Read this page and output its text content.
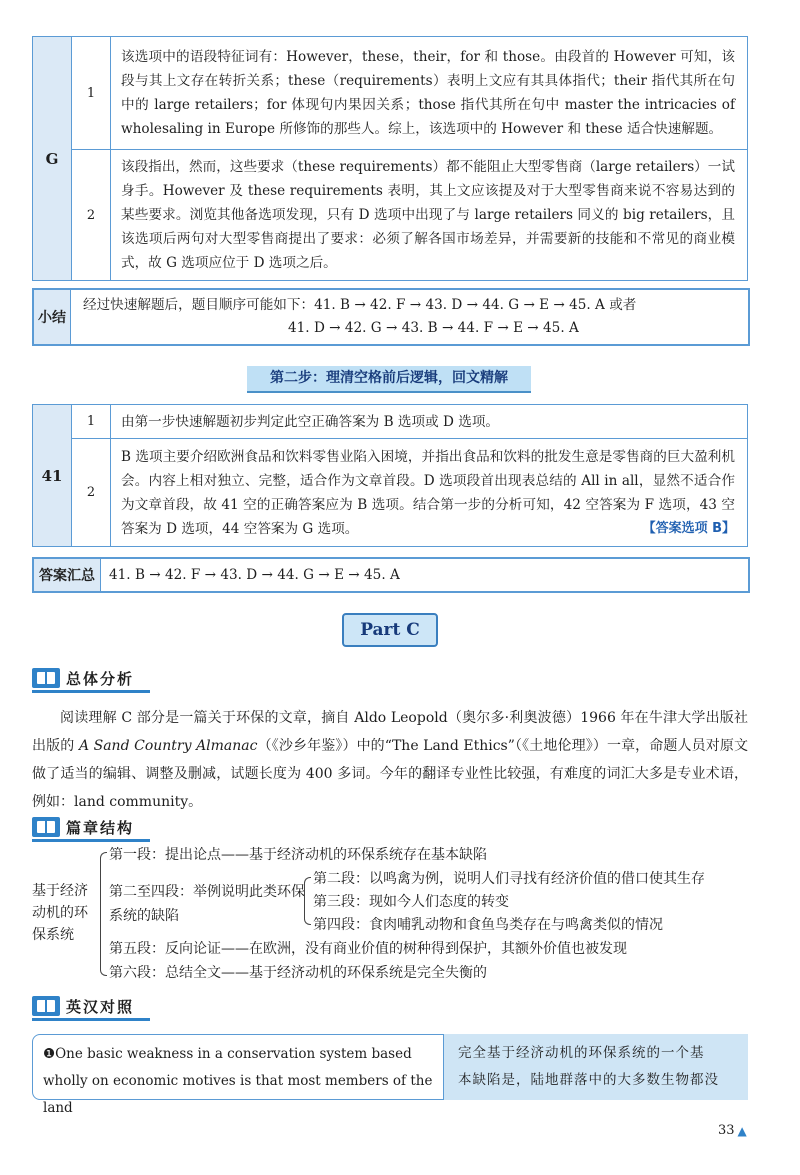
G	1	该选项中的语段特征词有：However，these，their，for 和 those。由段首的 However 可知，该段与其上文存在转折关系；these（requirements）表明上文应有其具体指代；their 指代其所在句中的 large retailers；for 体现句内果因关系；those 指代其所在句中 master the intricacies of wholesaling in Europe 所修饰的那些人。综上，该选项中的 However 和 these 适合快速解题。
	2	该段指出，然而，这些要求（these requirements）都不能阻止大型零售商（large retailers）一试身手。However 及 these requirements 表明，其上文应该提及对于大型零售商来说不容易达到的某些要求。浏览其他备选项发现，只有 D 选项中出现了与 large retailers 同义的 big retailers，且该选项后两句对大型零售商提出了要求：必须了解各国市场差异，并需要新的技能和不常见的商业模式，故 G 选项应位于 D 选项之后。
小结
经过快速解题后，题目顺序可能如下：41. B → 42. F → 43. D → 44. G → E → 45. A 或者
41. D → 42. G → 43. B → 44. F → E → 45. A
第二步：理清空格前后逻辑，回文精解
41	1	由第一步快速解题初步判定此空正确答案为 B 选项或 D 选项。
	2	B 选项主要介绍欧洲食品和饮料零售业陷入困境，并指出食品和饮料的批发生意是零售商的巨大盈利机会。内容上相对独立、完整，适合作为文章首段。D 选项段首出现表总结的 All in all，显然不适合作为文章首段，故 41 空的正确答案应为 B 选项。结合第一步的分析可知，42 空答案为 F 选项，43 空答案为 D 选项，44 空答案为 G 选项。 【答案选项 B】
答案汇总	41. B → 42. F → 43. D → 44. G → E → 45. A
Part C
总体分析

阅读理解 C 部分是一篇关于环保的文章，摘自 Aldo Leopold（奥尔多·利奥波德）1966 年在牛津大学出版社出版的 A Sand Country Almanac（《沙乡年鉴》）中的“The Land Ethics”（《土地伦理》）一章，命题人员对原文做了适当的编辑、调整及删减，试题长度为 400 多词。今年的翻译专业性比较强，有难度的词汇大多是专业术语，例如：land community。

篇章结构
基于经济动机的环保系统
第一段：提出论点——基于经济动机的环保系统存在基本缺陷
第二至四段：举例说明此类环保系统的缺陷
第二段：以鸣禽为例，说明人们寻找有经济价值的借口使其生存
第三段：现如今人们态度的转变
第四段：食肉哺乳动物和食鱼鸟类存在与鸣禽类似的情况
第五段：反向论证——在欧洲，没有商业价值的树种得到保护，其额外价值也被发现
第六段：总结全文——基于经济动机的环保系统是完全失衡的
英汉对照
❶One basic weakness in a conservation system based
wholly on economic motives is that most members of the land
完全基于经济动机的环保系统的一个基
本缺陷是，陆地群落中的大多数生物都没
33 ▲
